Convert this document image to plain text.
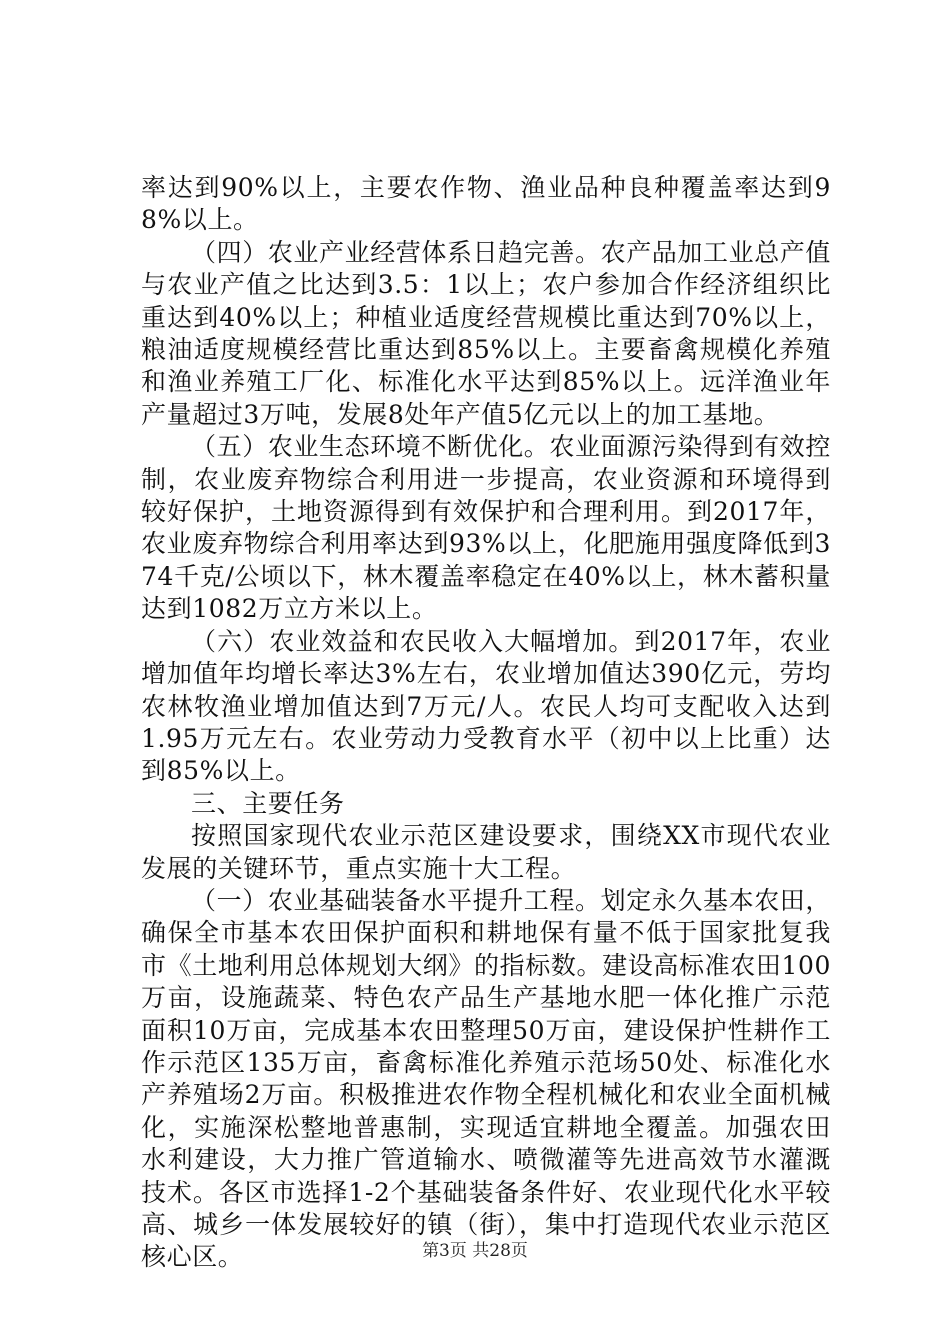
率达到90%以上，主要农作物、渔业品种良种覆盖率达到98%以上。

（四）农业产业经营体系日趋完善。农产品加工业总产值与农业产值之比达到3.5：1以上；农户参加合作经济组织比重达到40%以上；种植业适度经营规模比重达到70%以上，粮油适度规模经营比重达到85%以上。主要畜禽规模化养殖和渔业养殖工厂化、标准化水平达到85%以上。远洋渔业年产量超过3万吨，发展8处年产值5亿元以上的加工基地。

（五）农业生态环境不断优化。农业面源污染得到有效控制，农业废弃物综合利用进一步提高，农业资源和环境得到较好保护，土地资源得到有效保护和合理利用。到2017年，农业废弃物综合利用率达到93%以上，化肥施用强度降低到374千克/公顷以下，林木覆盖率稳定在40%以上，林木蓄积量达到1082万立方米以上。

（六）农业效益和农民收入大幅增加。到2017年，农业增加值年均增长率达3%左右，农业增加值达390亿元，劳均农林牧渔业增加值达到7万元/人。农民人均可支配收入达到1.95万元左右。农业劳动力受教育水平（初中以上比重）达到85%以上。

三、主要任务

按照国家现代农业示范区建设要求，围绕XX市现代农业发展的关键环节，重点实施十大工程。

（一）农业基础装备水平提升工程。划定永久基本农田，确保全市基本农田保护面积和耕地保有量不低于国家批复我市《土地利用总体规划大纲》的指标数。建设高标准农田100万亩，设施蔬菜、特色农产品生产基地水肥一体化推广示范面积10万亩，完成基本农田整理50万亩，建设保护性耕作工作示范区135万亩，畜禽标准化养殖示范场50处、标准化水产养殖场2万亩。积极推进农作物全程机械化和农业全面机械化，实施深松整地普惠制，实现适宜耕地全覆盖。加强农田水利建设，大力推广管道输水、喷微灌等先进高效节水灌溉技术。各区市选择1-2个基础装备条件好、农业现代化水平较高、城乡一体发展较好的镇（街），集中打造现代农业示范区核心区。	第3页 共28页
